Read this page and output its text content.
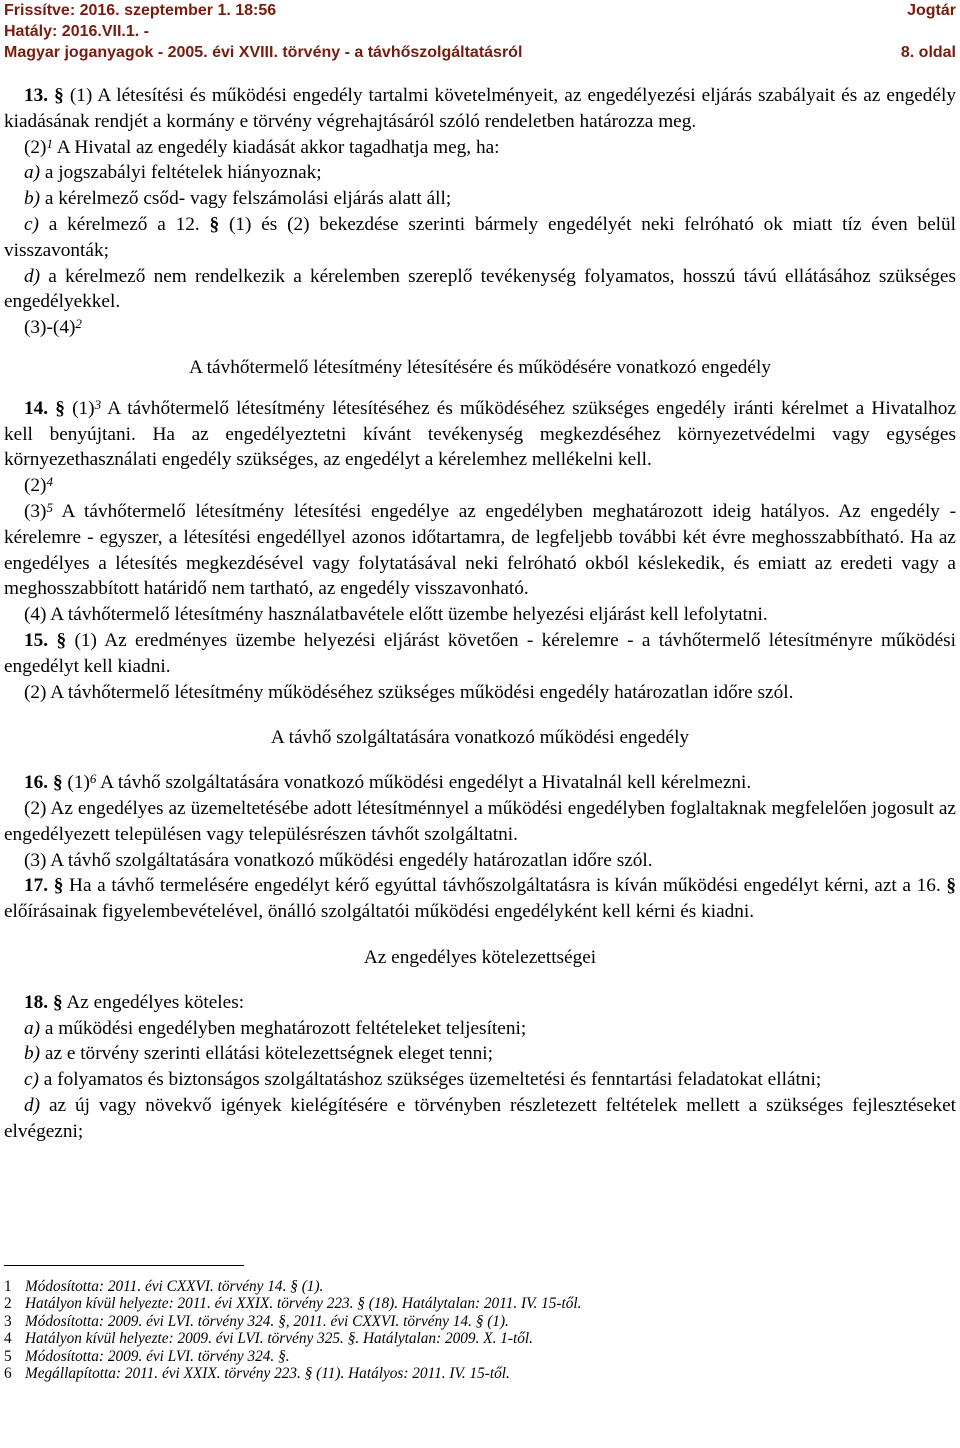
Frissítve: 2016. szeptember 1. 18:56	Jogtár
Hatály: 2016.VII.1. -
Magyar joganyagok - 2005. évi XVIII. törvény - a távhőszolgáltatásról	8. oldal

13. § (1) A létesítési és működési engedély tartalmi követelményeit, az engedélyezési eljárás szabályait és az engedély kiadásának rendjét a kormány e törvény végrehajtásáról szóló rendeletben határozza meg.

$(2)^1$ A Hivatal az engedély kiadását akkor tagadhatja meg, ha:

a) a jogszabályi feltételek hiányoznak;

b) a kérelmező csőd- vagy felszámolási eljárás alatt áll;

c) a kérelmező a 12. § (1) és (2) bekezdése szerinti bármely engedélyét neki felróható ok miatt tíz éven belül visszavonták;

d) a kérelmező nem rendelkezik a kérelemben szereplő tevékenység folyamatos, hosszú távú ellátásához szükséges engedélyekkel.

$(3)-(4)^2$

A távhőtermelő létesítmény létesítésére és működésére vonatkozó engedély

14. § $(1)^3$ A távhőtermelő létesítmény létesítéséhez és működéséhez szükséges engedély iránti kérelmet a Hivatalhoz kell benyújtani. Ha az engedélyeztetni kívánt tevékenység megkezdéséhez környezetvédelmi vagy egységes környezethasználati engedély szükséges, az engedélyt a kérelemhez mellékelni kell.

$(2)^4$

$(3)^5$ A távhőtermelő létesítmény létesítési engedélye az engedélyben meghatározott ideig hatályos. Az engedély - kérelemre - egyszer, a létesítési engedéllyel azonos időtartamra, de legfeljebb további két évre meghosszabbítható. Ha az engedélyes a létesítés megkezdésével vagy folytatásával neki felróható okból késlekedik, és emiatt az eredeti vagy a meghosszabbított határidő nem tartható, az engedély visszavonható.

(4) A távhőtermelő létesítmény használatbavétele előtt üzembe helyezési eljárást kell lefolytatni.

15. § (1) Az eredményes üzembe helyezési eljárást követően - kérelemre - a távhőtermelő létesítményre működési engedélyt kell kiadni.

(2) A távhőtermelő létesítmény működéséhez szükséges működési engedély határozatlan időre szól.

A távhő szolgáltatására vonatkozó működési engedély

16. § $(1)^6$ A távhő szolgáltatására vonatkozó működési engedélyt a Hivatalnál kell kérelmezni.

(2) Az engedélyes az üzemeltetésébe adott létesítménnyel a működési engedélyben foglaltaknak megfelelően jogosult az engedélyezett településen vagy településrészen távhőt szolgáltatni.

(3) A távhő szolgáltatására vonatkozó működési engedély határozatlan időre szól.

17. § Ha a távhő termelésére engedélyt kérő egyúttal távhőszolgáltatásra is kíván működési engedélyt kérni, azt a 16. § előírásainak figyelembevételével, önálló szolgáltatói működési engedélyként kell kérni és kiadni.

Az engedélyes kötelezettségei

18. § Az engedélyes köteles:

a) a működési engedélyben meghatározott feltételeket teljesíteni;

b) az e törvény szerinti ellátási kötelezettségnek eleget tenni;

c) a folyamatos és biztonságos szolgáltatáshoz szükséges üzemeltetési és fenntartási feladatokat ellátni;

d) az új vagy növekvő igények kielégítésére e törvényben részletezett feltételek mellett a szükséges fejlesztéseket elvégezni;

1 Módosította: 2011. évi CXXVI. törvény 14. § (1).
2 Hatályon kívül helyezte: 2011. évi XXIX. törvény 223. § (18). Hatálytalan: 2011. IV. 15-től.
3 Módosította: 2009. évi LVI. törvény 324. §, 2011. évi CXXVI. törvény 14. § (1).
4 Hatályon kívül helyezte: 2009. évi LVI. törvény 325. §. Hatálytalan: 2009. X. 1-től.
5 Módosította: 2009. évi LVI. törvény 324. §.
6 Megállapította: 2011. évi XXIX. törvény 223. § (11). Hatályos: 2011. IV. 15-től.
